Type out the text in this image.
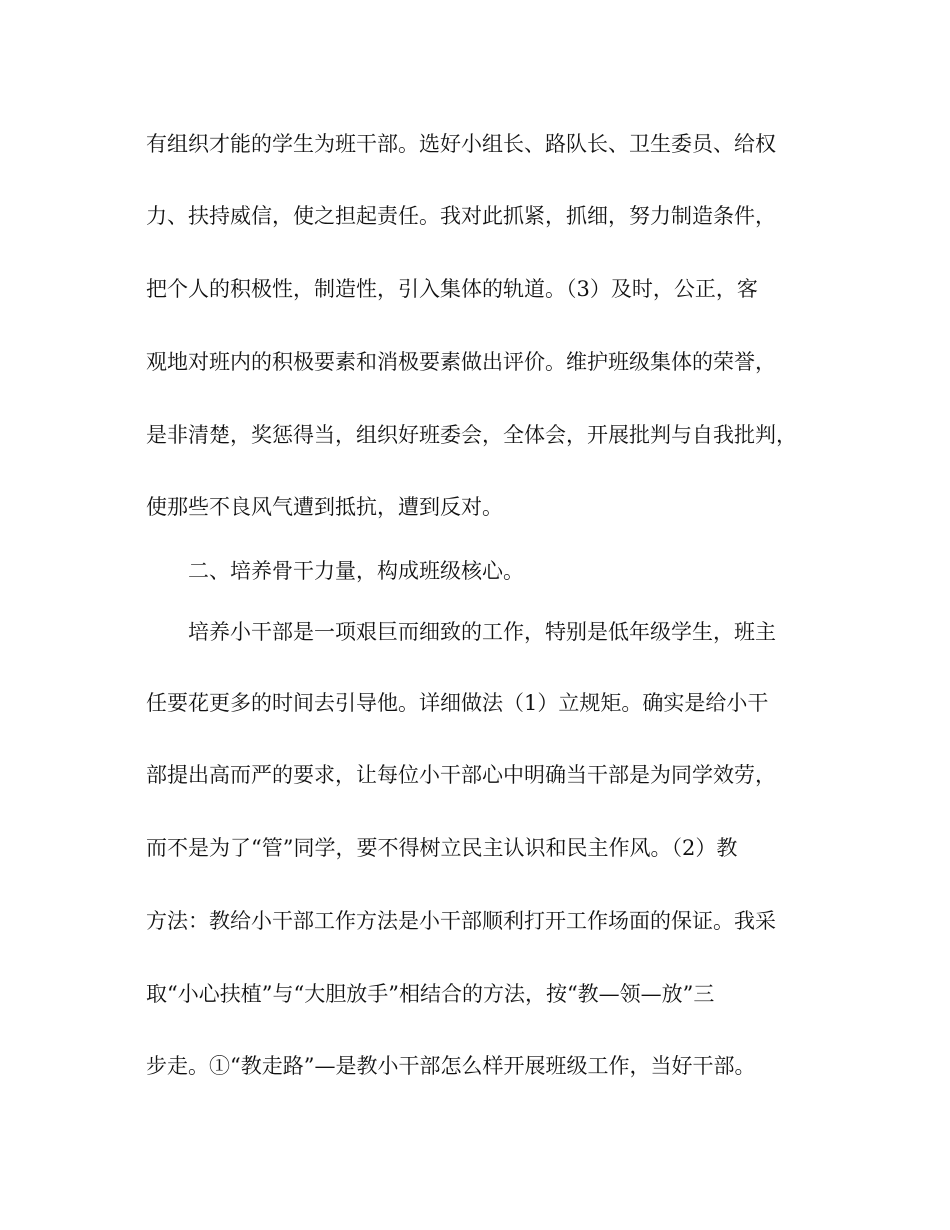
有组织才能的学生为班干部。选好小组长、路队长、卫生委员、给权
力、扶持威信，使之担起责任。我对此抓紧，抓细，努力制造条件，
把个人的积极性，制造性，引入集体的轨道。（3）及时，公正，客
观地对班内的积极要素和消极要素做出评价。维护班级集体的荣誉，
是非清楚，奖惩得当，组织好班委会，全体会，开展批判与自我批判，
使那些不良风气遭到抵抗，遭到反对。
二、培养骨干力量，构成班级核心。
培养小干部是一项艰巨而细致的工作，特别是低年级学生，班主
任要花更多的时间去引导他。详细做法（1）立规矩。确实是给小干
部提出高而严的要求，让每位小干部心中明确当干部是为同学效劳，
而不是为了“管”同学，要不得树立民主认识和民主作风。（2）教
方法：教给小干部工作方法是小干部顺利打开工作场面的保证。我采
取“小心扶植”与“大胆放手”相结合的方法，按“教—领—放”三
步走。①“教走路”—是教小干部怎么样开展班级工作，当好干部。
